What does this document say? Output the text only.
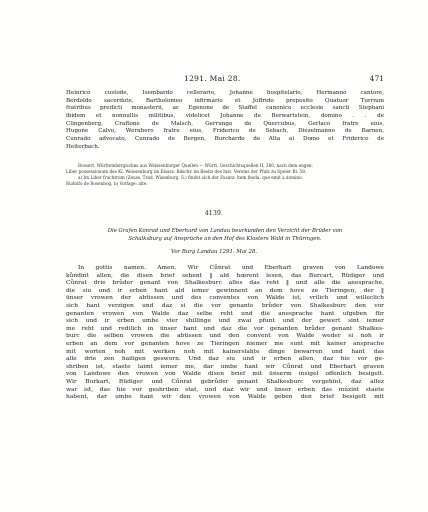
1291. Mai 28.	471
Heinrico custode, Isembardo cellerario, Johanne hospitelario, Hermanno cantore,
Berdoldo sacerdote, Bartholomeo infirmario et Joffrido preposito Quatuor Turrium
fratribus predicti monasterii, ac Egenone de Staffel canonico ecclesie sancti Stephani
ibidem et nonnullis militibus, videlicet Johanne de Berwartstein, domino . . de
Clingenberg, Craftone de Malsch, Gerrungo de Quercubus, Gerlaco fratre eius,
Hugone Calvo, Wernhero fratre eius, Friderico de Sebach, Diezelmanno de Barnen,
Cunrado advocato, Cunrado de Bergen, Burchardo de Alta a) Domo et Friderico de
Heiterbach.
Bossert, Württembergisches aus Weissenburger Quellen — Württ. Geschichtsquellen II, 260, nach dem engen.
Liber possessionum des Kl. Weissenburg im Elsass, Bdschr. im Besitz des hist. Vereins der Pfalz zu Speier Bl. 58.
a) Im Liber fruchtrum (Zeuss, Trad. Wizenburg. S.) findet sich der Zusatz: item feoda, que emit a domino
Rudolfo de Rosenbog. b) Vorlage: alte.
4139.
Die Grafen Konrad und Eberhard von Landau beurkunden den Verzicht der Brüder von
Schalksburg auf Ansprüche an den Hof des Klosters Wald in Thüringen.
Vor Burg Landau 1291. Mai 28.
In gottis namen. Amen. Wir Cůnrat und Eberhart graven von Landowe
kůndint allen, die disen brief sehent ‖ ald hœrent lesen, das Burcart, Rüdiger und
Cůnrat drie brůder genant von Shalkesburc alles das reht ‖ und alle die anesprache,
die siu und ir erben hant ald iemer gewinnent an dem hove ze Tieringen, der ‖
ünser vrowen der abtissen und des conventes von Walde ist, vrilich und willeclich
sich hant verzigen und daz si die vor genante brůder von Shalkesburc den vor
genanten vrowen von Walde daz selbe reht und die anesprache hant ufgeben für
sich und ir erben umbe vier shillinge und zwai pfunt und der gewert sint iemer
me reht und redilich in ünser hant und daz die vor genanten brůder genant Shalkes-
burc die selben vrowen die abtissen und den convent von Walde weder si noh ir
erben an dem vor genanten hove ze Tieringen niemer me sunt mit kainer ansprache
mit worten noh mit werken noh mit kainerslahte dinge bewarren und hant das
alle drie zen hailigen gesworn. Und daz siu und ir erben allen, daz hie vor ge-
shriben ist, staete laimt iemer me, dar umbe hant wir Cůnrat und Eberhart graven
von Landowe den vrowen von Walde disen brief mit ünserm insigel offenlich besigelt.
Wir Burkart, Rüdiger und Cůnrat gebrůder genant Shalkesburc vergehint, daz allez
war ist, das hie vor geshriben stat, und daz wir und ünser erben das múzint staete
habent, dar umbe hant wir den vrowen von Walde geben den brief besigelt mit
